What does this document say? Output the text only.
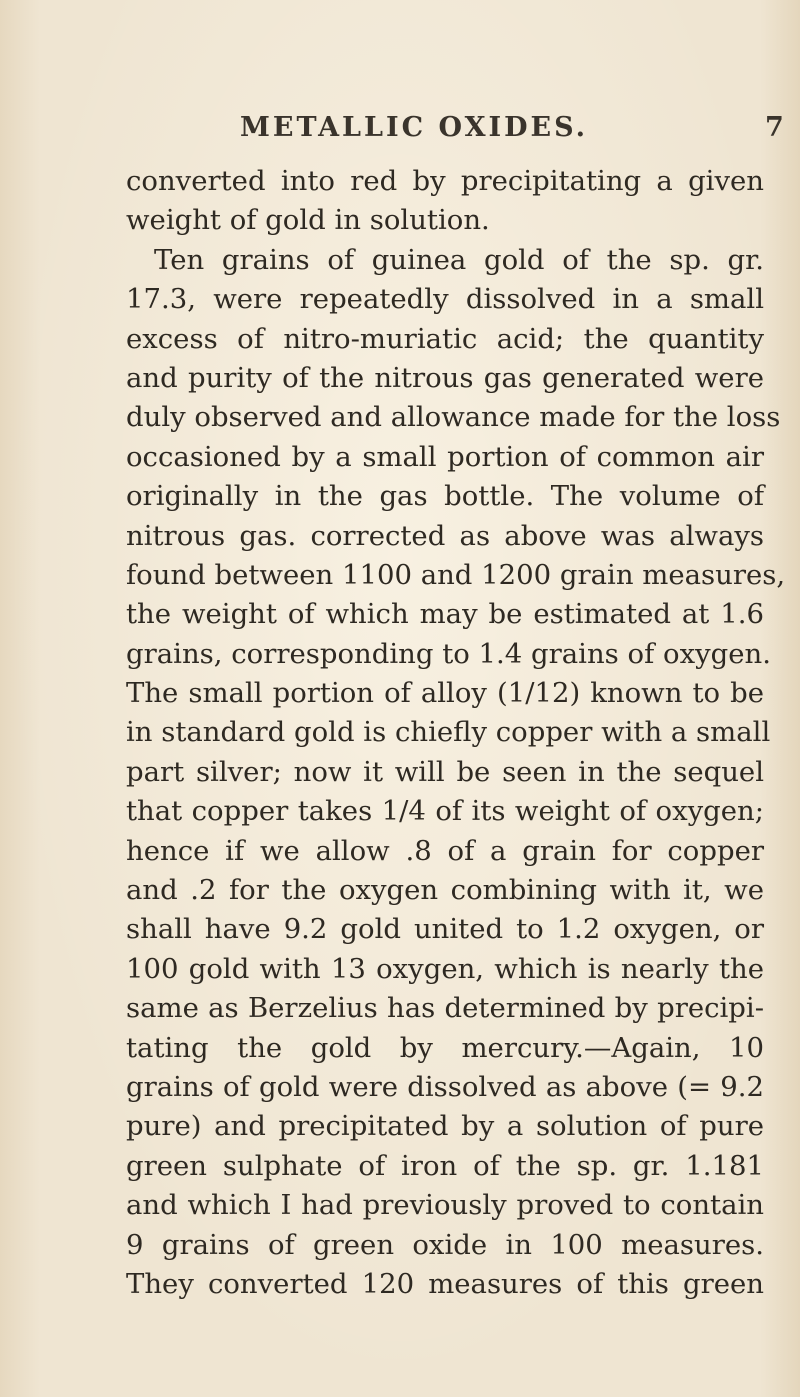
METALLIC OXIDES.	7
converted into red by precipitating a given
weight of gold in solution.
Ten grains of guinea gold of the sp. gr.
17.3, were repeatedly dissolved in a small
excess of nitro-muriatic acid; the quantity
and purity of the nitrous gas generated were
duly observed and allowance made for the loss
occasioned by a small portion of common air
originally in the gas bottle. The volume of
nitrous gas. corrected as above was always
found between 1100 and 1200 grain measures,
the weight of which may be estimated at 1.6
grains, corresponding to 1.4 grains of oxygen.
The small portion of alloy (1/12) known to be
in standard gold is chiefly copper with a small
part silver; now it will be seen in the sequel
that copper takes 1/4 of its weight of oxygen;
hence if we allow .8 of a grain for copper
and .2 for the oxygen combining with it, we
shall have 9.2 gold united to 1.2 oxygen, or
100 gold with 13 oxygen, which is nearly the
same as Berzelius has determined by precipi-
tating the gold by mercury.—Again, 10
grains of gold were dissolved as above (= 9.2
pure) and precipitated by a solution of pure
green sulphate of iron of the sp. gr. 1.181
and which I had previously proved to contain
9 grains of green oxide in 100 measures.
They converted 120 measures of this green
